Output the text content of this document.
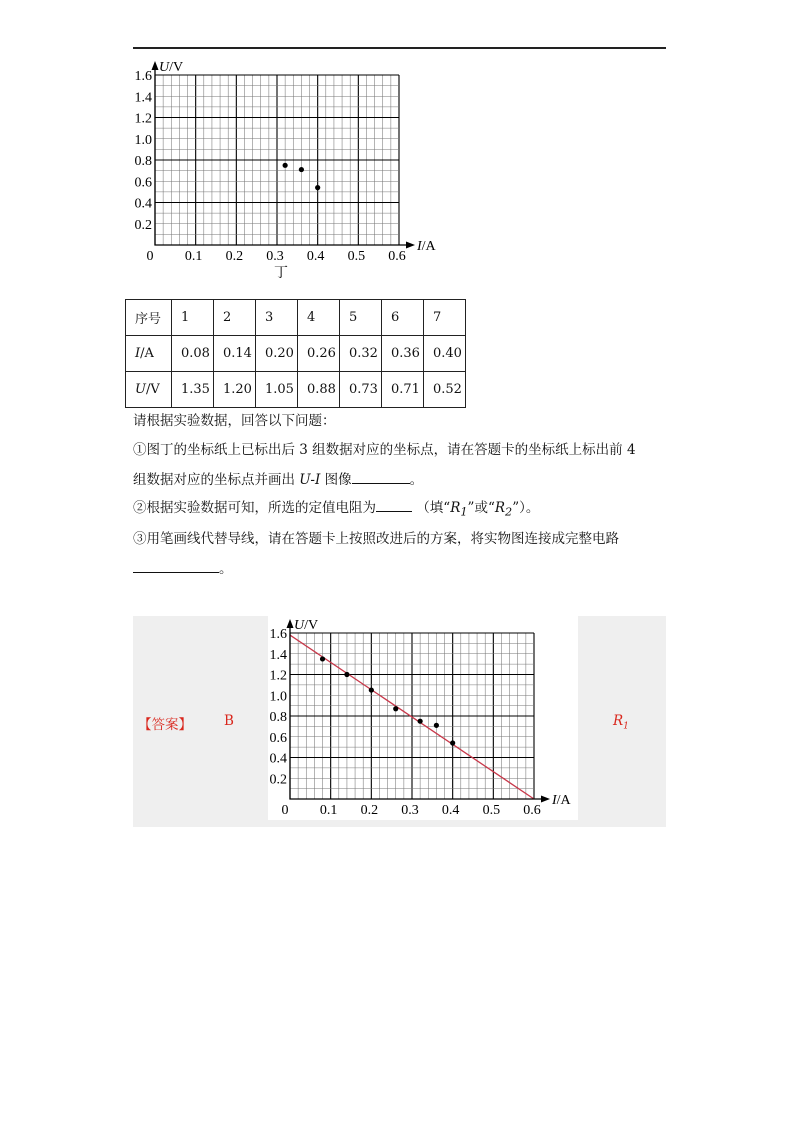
U/V
I/A
0
0.2
0.4
0.6
0.8
1.0
1.2
1.4
1.6
0.1 0.2 0.3 0.4 0.5 0.6
丁
序号	1	2	3	4	5	6	7
I/A	0.08	0.14	0.20	0.26	0.32	0.36	0.40
U/V	1.35	1.20	1.05	0.88	0.73	0.71	0.52
请根据实验数据，回答以下问题：
①图丁的坐标纸上已标出后 3 组数据对应的坐标点，请在答题卡的坐标纸上标出前 4
组数据对应的坐标点并画出 U-I 图像	。
②根据实验数据可知，所选的定值电阻为	（填“$R_1$”或“$R_2$”）。
③用笔画线代替导线，请在答题卡上按照改进后的方案，将实物图连接成完整电路
。
【答案】 B	$R_1$
U/V
I/A
0
0.2
0.4
0.6
0.8
1.0
1.2
1.4
1.6
0.1 0.2 0.3 0.4 0.5 0.6
